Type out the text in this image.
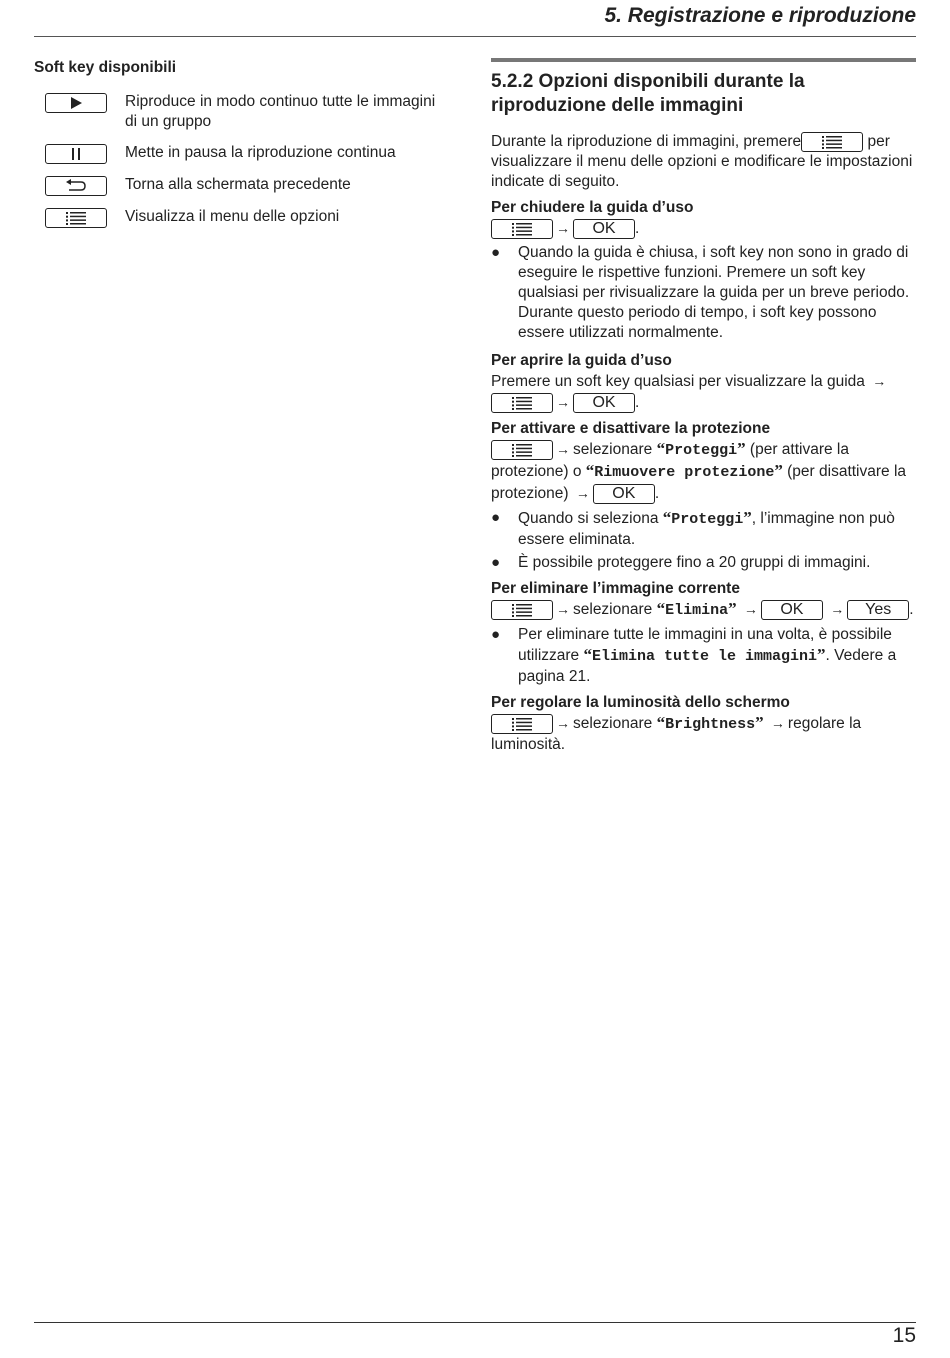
5. Registrazione e riproduzione
Soft key disponibili
Riproduce in modo continuo tutte le immagini di un gruppo
Mette in pausa la riproduzione continua
Torna alla schermata precedente
Visualizza il menu delle opzioni
5.2.2 Opzioni disponibili durante la riproduzione delle immagini
Durante la riproduzione di immagini, premere	per visualizzare il menu delle opzioni e modificare le impostazioni indicate di seguito.
Per chiudere la guida d’uso
→ OK .
●	Quando la guida è chiusa, i soft key non sono in grado di eseguire le rispettive funzioni. Premere un soft key qualsiasi per rivisualizzare la guida per un breve periodo. Durante questo periodo di tempo, i soft key possono essere utilizzati normalmente.
Per aprire la guida d’uso
Premere un soft key qualsiasi per visualizzare la guida →
→ OK .
Per attivare e disattivare la protezione
→ selezionare “Proteggi” (per attivare la protezione) o “Rimuovere protezione” (per disattivare la protezione) → OK .
●	Quando si seleziona “Proteggi”, l’immagine non può essere eliminata.
●	È possibile proteggere fino a 20 gruppi di immagini.
Per eliminare l’immagine corrente
→ selezionare “Elimina” → OK → Yes .
●	Per eliminare tutte le immagini in una volta, è possibile utilizzare “Elimina tutte le immagini”. Vedere a pagina 21.
Per regolare la luminosità dello schermo
→ selezionare “Brightness” → regolare la luminosità.
15
